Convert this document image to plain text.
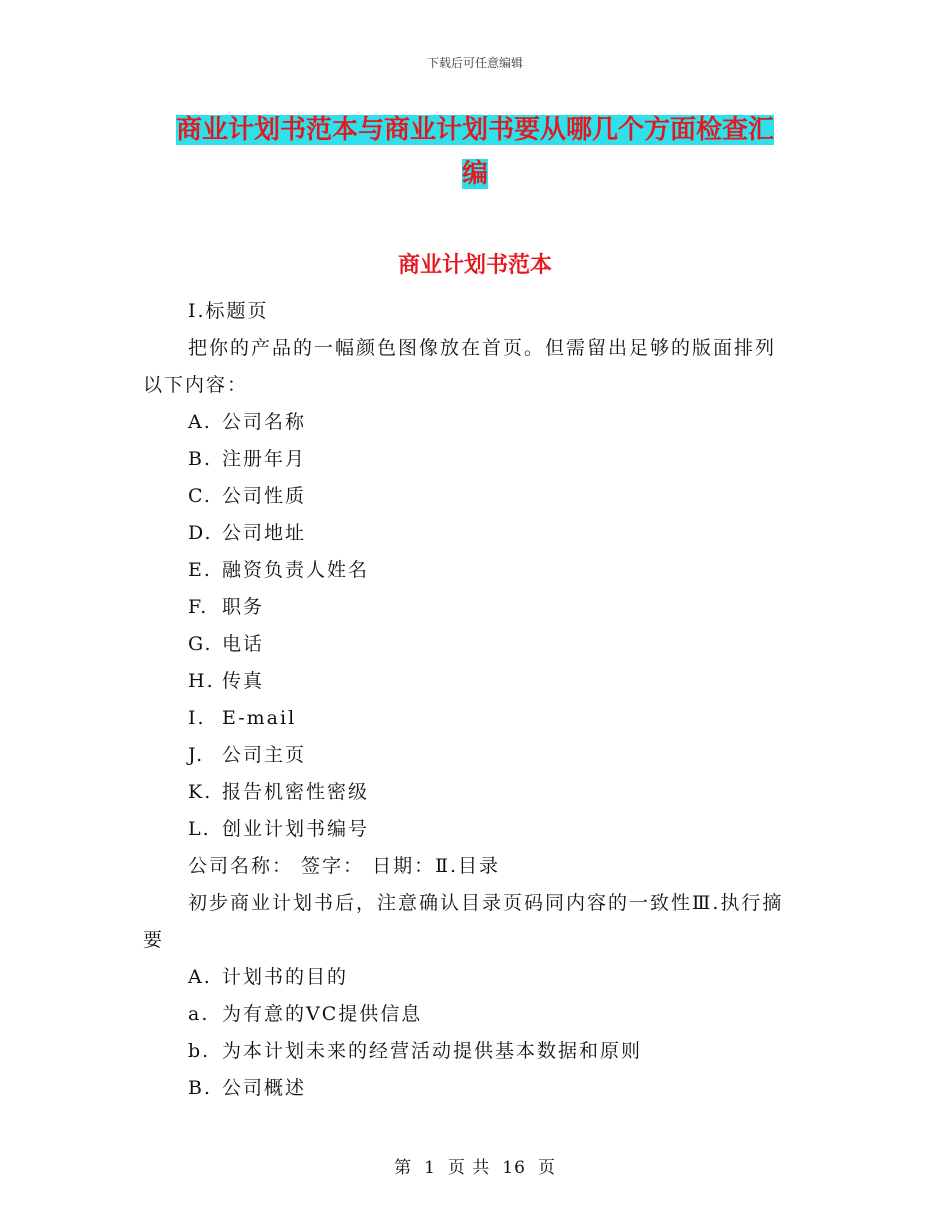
下载后可任意编辑
商业计划书范本与商业计划书要从哪几个方面检查汇
编
商业计划书范本

Ⅰ.标题页

把你的产品的一幅颜色图像放在首页。但需留出足够的版面排列

以下内容：

A. 公司名称

B. 注册年月

C. 公司性质

D. 公司地址

E. 融资负责人姓名

F. 职务

G. 电话

H. 传真

I. E-mail

J. 公司主页

K. 报告机密性密级

L. 创业计划书编号

公司名称： 签字： 日期：Ⅱ.目录

初步商业计划书后，注意确认目录页码同内容的一致性Ⅲ.执行摘

要

A. 计划书的目的

a. 为有意的VC提供信息

b. 为本计划未来的经营活动提供基本数据和原则

B. 公司概述

第 1 页 共 16 页
